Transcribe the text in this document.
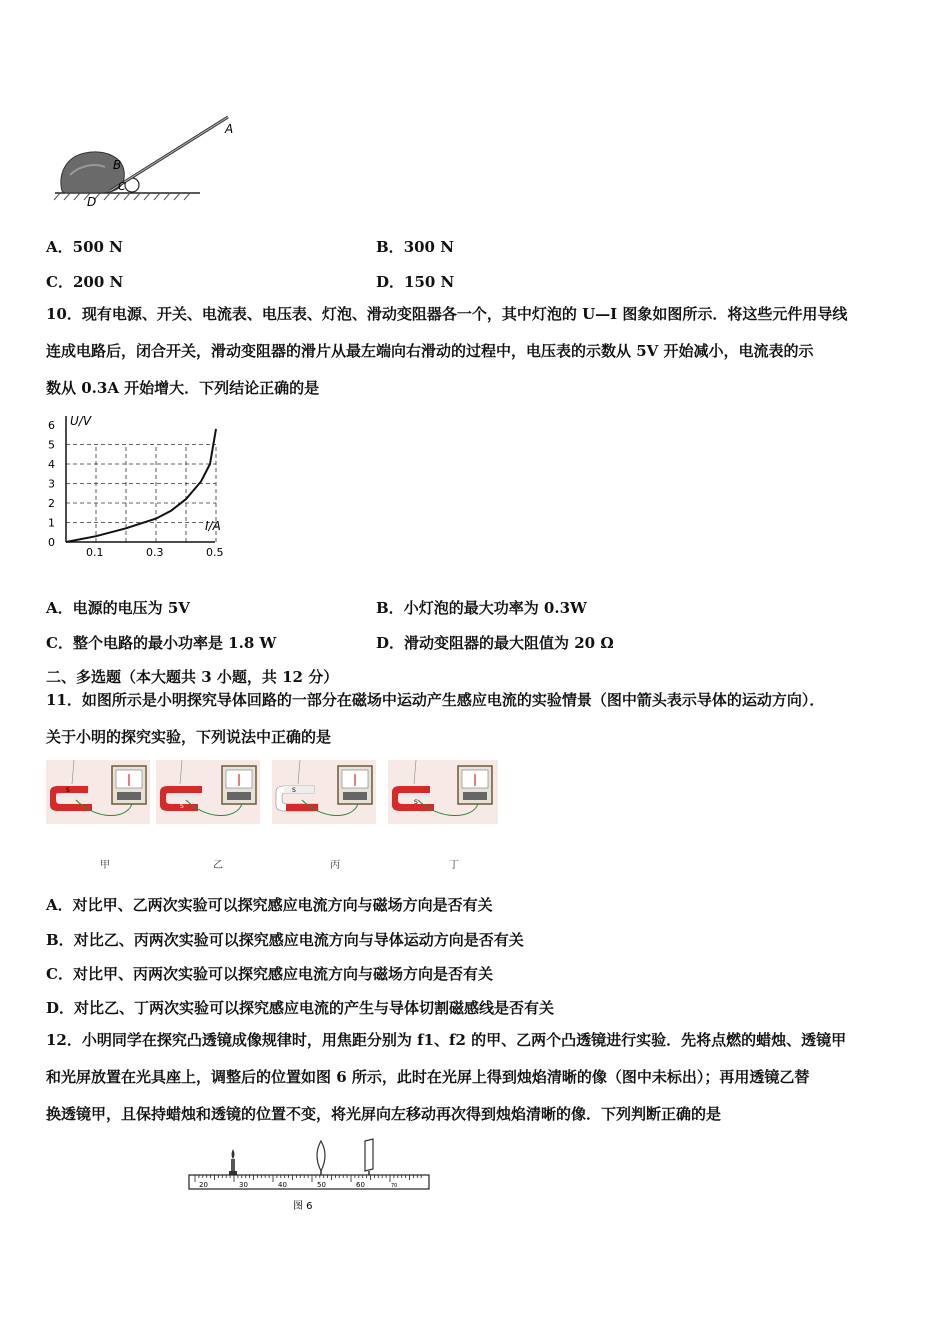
A
B
C
D
A．500 N	B．300 N
C．200 N	D．150 N
10．现有电源、开关、电流表、电压表、灯泡、滑动变阻器各一个，其中灯泡的 U—I 图象如图所示．将这些元件用导线
连成电路后，闭合开关，滑动变阻器的滑片从最左端向右滑动的过程中，电压表的示数从 5V 开始减小，电流表的示
数从 0.3A 开始增大．下列结论正确的是
0
1
2
3
4
5
6
0.1	0.3	0.5
U/V
I/A
A．电源的电压为 5V	B．小灯泡的最大功率为 0.3W
C．整个电路的最小功率是 1.8 W	D．滑动变阻器的最大阻值为 20 Ω
二、多选题（本大题共 3 小题，共 12 分）
11．如图所示是小明探究导体回路的一部分在磁场中运动产生感应电流的实验情景（图中箭头表示导体的运动方向）．
关于小明的探究实验，下列说法中正确的是
S
S
S
S
甲	乙	丙	丁
A．对比甲、乙两次实验可以探究感应电流方向与磁场方向是否有关
B．对比乙、丙两次实验可以探究感应电流方向与导体运动方向是否有关
C．对比甲、丙两次实验可以探究感应电流方向与磁场方向是否有关
D．对比乙、丁两次实验可以探究感应电流的产生与导体切割磁感线是否有关
12．小明同学在探究凸透镜成像规律时，用焦距分别为 f1、f2 的甲、乙两个凸透镜进行实验．先将点燃的蜡烛、透镜甲
和光屏放置在光具座上，调整后的位置如图 6 所示，此时在光屏上得到烛焰清晰的像（图中未标出）；再用透镜乙替
换透镜甲，且保持蜡烛和透镜的位置不变，将光屏向左移动再次得到烛焰清晰的像．下列判断正确的是
20	30	40	50	60	70
图 6
